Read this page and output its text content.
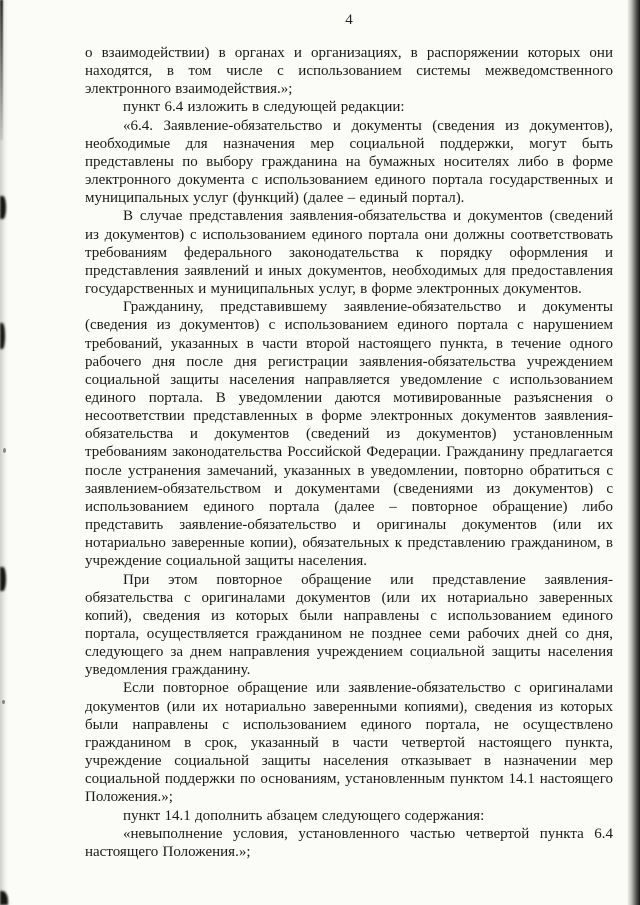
4

о взаимодействии) в органах и организациях, в распоряжении которых они находятся, в том числе с использованием системы межведомственного электронного взаимодействия.»;

пункт 6.4 изложить в следующей редакции:

«6.4. Заявление-обязательство и документы (сведения из документов), необходимые для назначения мер социальной поддержки, могут быть представлены по выбору гражданина на бумажных носителях либо в форме электронного документа с использованием единого портала государственных и муниципальных услуг (функций) (далее – единый портал).

В случае представления заявления-обязательства и документов (сведений из документов) с использованием единого портала они должны соответствовать требованиям федерального законодательства к порядку оформления и представления заявлений и иных документов, необходимых для предоставления государственных и муниципальных услуг, в форме электронных документов.

Гражданину, представившему заявление-обязательство и документы (сведения из документов) с использованием единого портала с нарушением требований, указанных в части второй настоящего пункта, в течение одного рабочего дня после дня регистрации заявления-обязательства учреждением социальной защиты населения направляется уведомление с использованием единого портала. В уведомлении даются мотивированные разъяснения о несоответствии представленных в форме электронных документов заявления-обязательства и документов (сведений из документов) установленным требованиям законодательства Российской Федерации. Гражданину предлагается после устранения замечаний, указанных в уведомлении, повторно обратиться с заявлением-обязательством и документами (сведениями из документов) с использованием единого портала (далее – повторное обращение) либо представить заявление-обязательство и оригиналы документов (или их нотариально заверенные копии), обязательных к представлению гражданином, в учреждение социальной защиты населения.

При этом повторное обращение или представление заявления-обязательства с оригиналами документов (или их нотариально заверенных копий), сведения из которых были направлены с использованием единого портала, осуществляется гражданином не позднее семи рабочих дней со дня, следующего за днем направления учреждением социальной защиты населения уведомления гражданину.

Если повторное обращение или заявление-обязательство с оригиналами документов (или их нотариально заверенными копиями), сведения из которых были направлены с использованием единого портала, не осуществлено гражданином в срок, указанный в части четвертой настоящего пункта, учреждение социальной защиты населения отказывает в назначении мер социальной поддержки по основаниям, установленным пунктом 14.1 настоящего Положения.»;

пункт 14.1 дополнить абзацем следующего содержания:

«невыполнение условия, установленного частью четвертой пункта 6.4 настоящего Положения.»;
